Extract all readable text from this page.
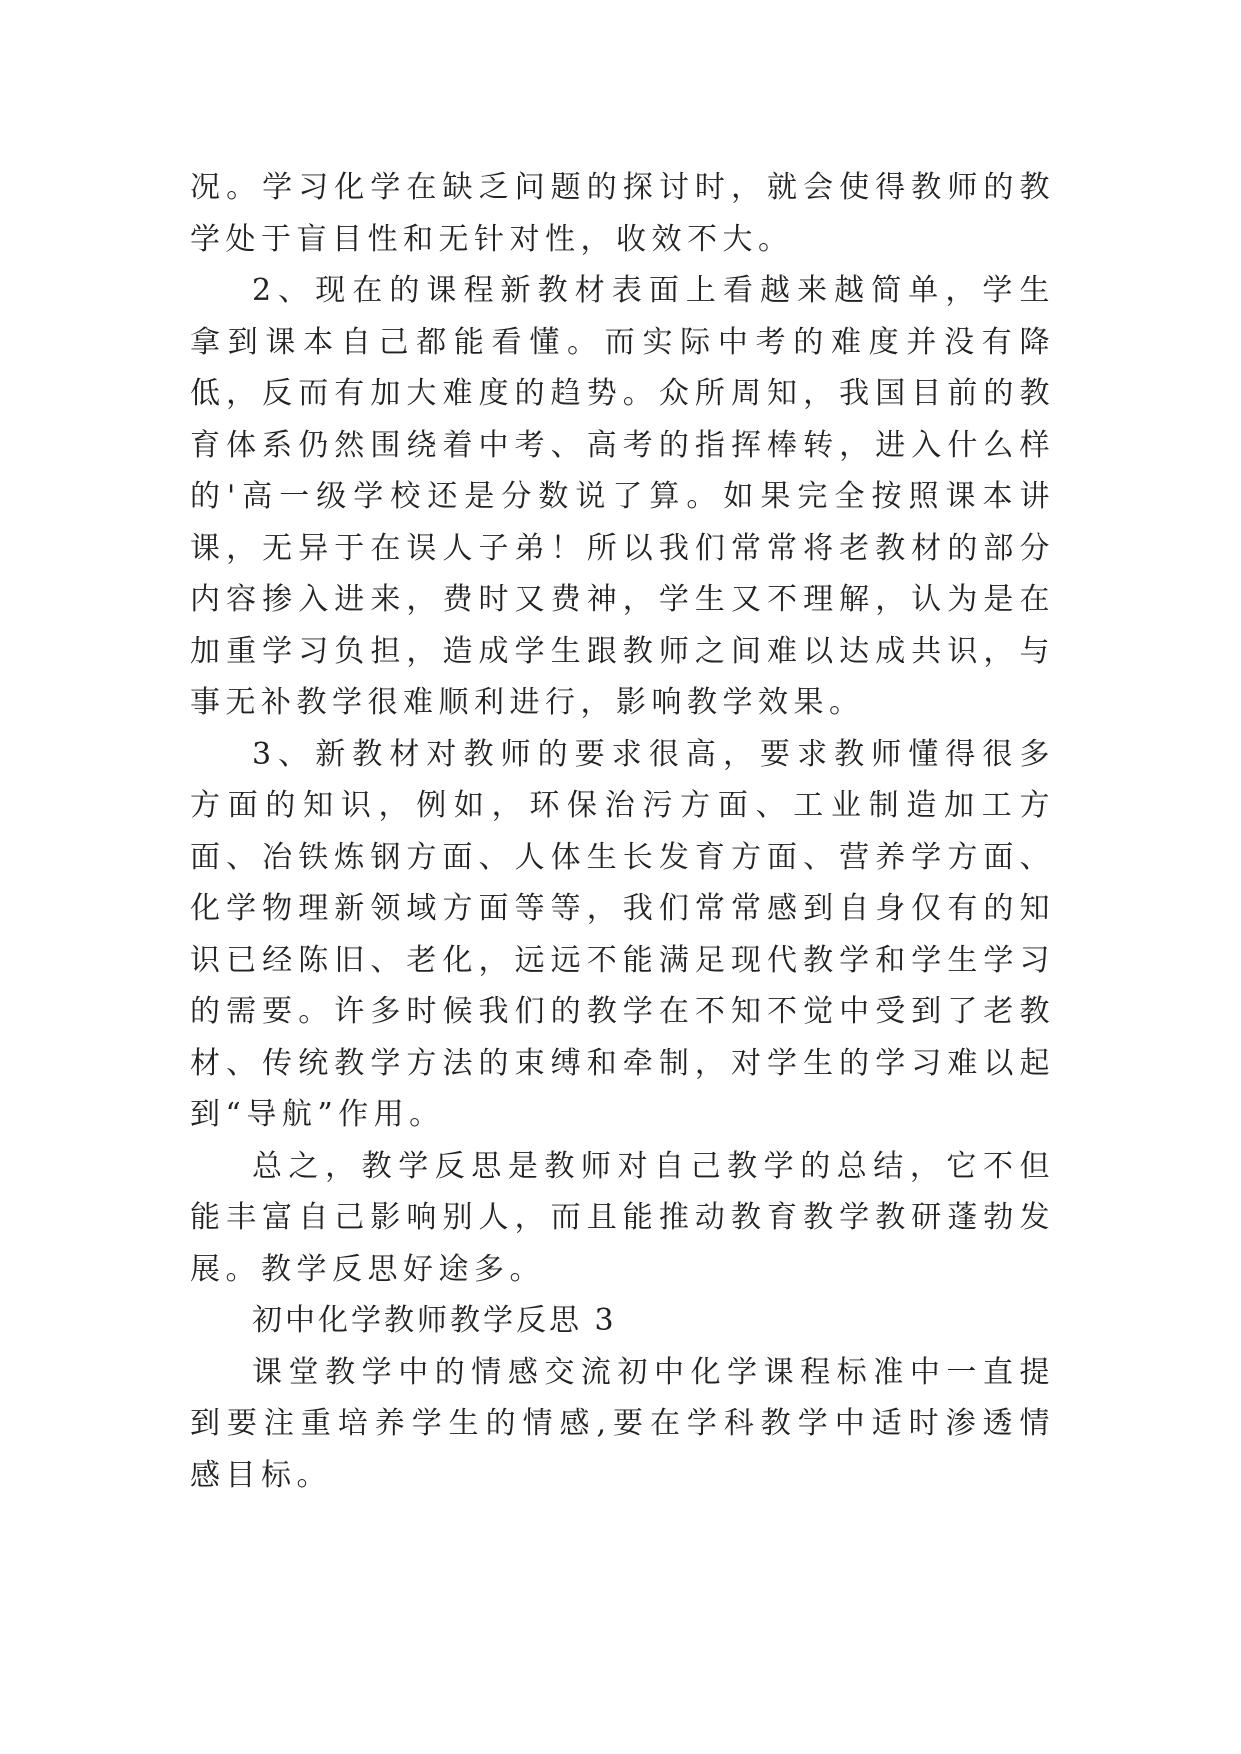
况。学习化学在缺乏问题的探讨时，就会使得教师的教学处于盲目性和无针对性，收效不大。

2、现在的课程新教材表面上看越来越简单，学生拿到课本自己都能看懂。而实际中考的难度并没有降低，反而有加大难度的趋势。众所周知，我国目前的教育体系仍然围绕着中考、高考的指挥棒转，进入什么样的'高一级学校还是分数说了算。如果完全按照课本讲课，无异于在误人子弟！所以我们常常将老教材的部分内容掺入进来，费时又费神，学生又不理解，认为是在加重学习负担，造成学生跟教师之间难以达成共识，与事无补教学很难顺利进行，影响教学效果。

3、新教材对教师的要求很高，要求教师懂得很多方面的知识，例如，环保治污方面、工业制造加工方面、冶铁炼钢方面、人体生长发育方面、营养学方面、化学物理新领域方面等等，我们常常感到自身仅有的知识已经陈旧、老化，远远不能满足现代教学和学生学习的需要。许多时候我们的教学在不知不觉中受到了老教材、传统教学方法的束缚和牵制，对学生的学习难以起到“导航”作用。

总之，教学反思是教师对自己教学的总结，它不但能丰富自己影响别人，而且能推动教育教学教研蓬勃发展。教学反思好途多。

初中化学教师教学反思 3

课堂教学中的情感交流初中化学课程标准中一直提到要注重培养学生的情感,要在学科教学中适时渗透情感目标。
